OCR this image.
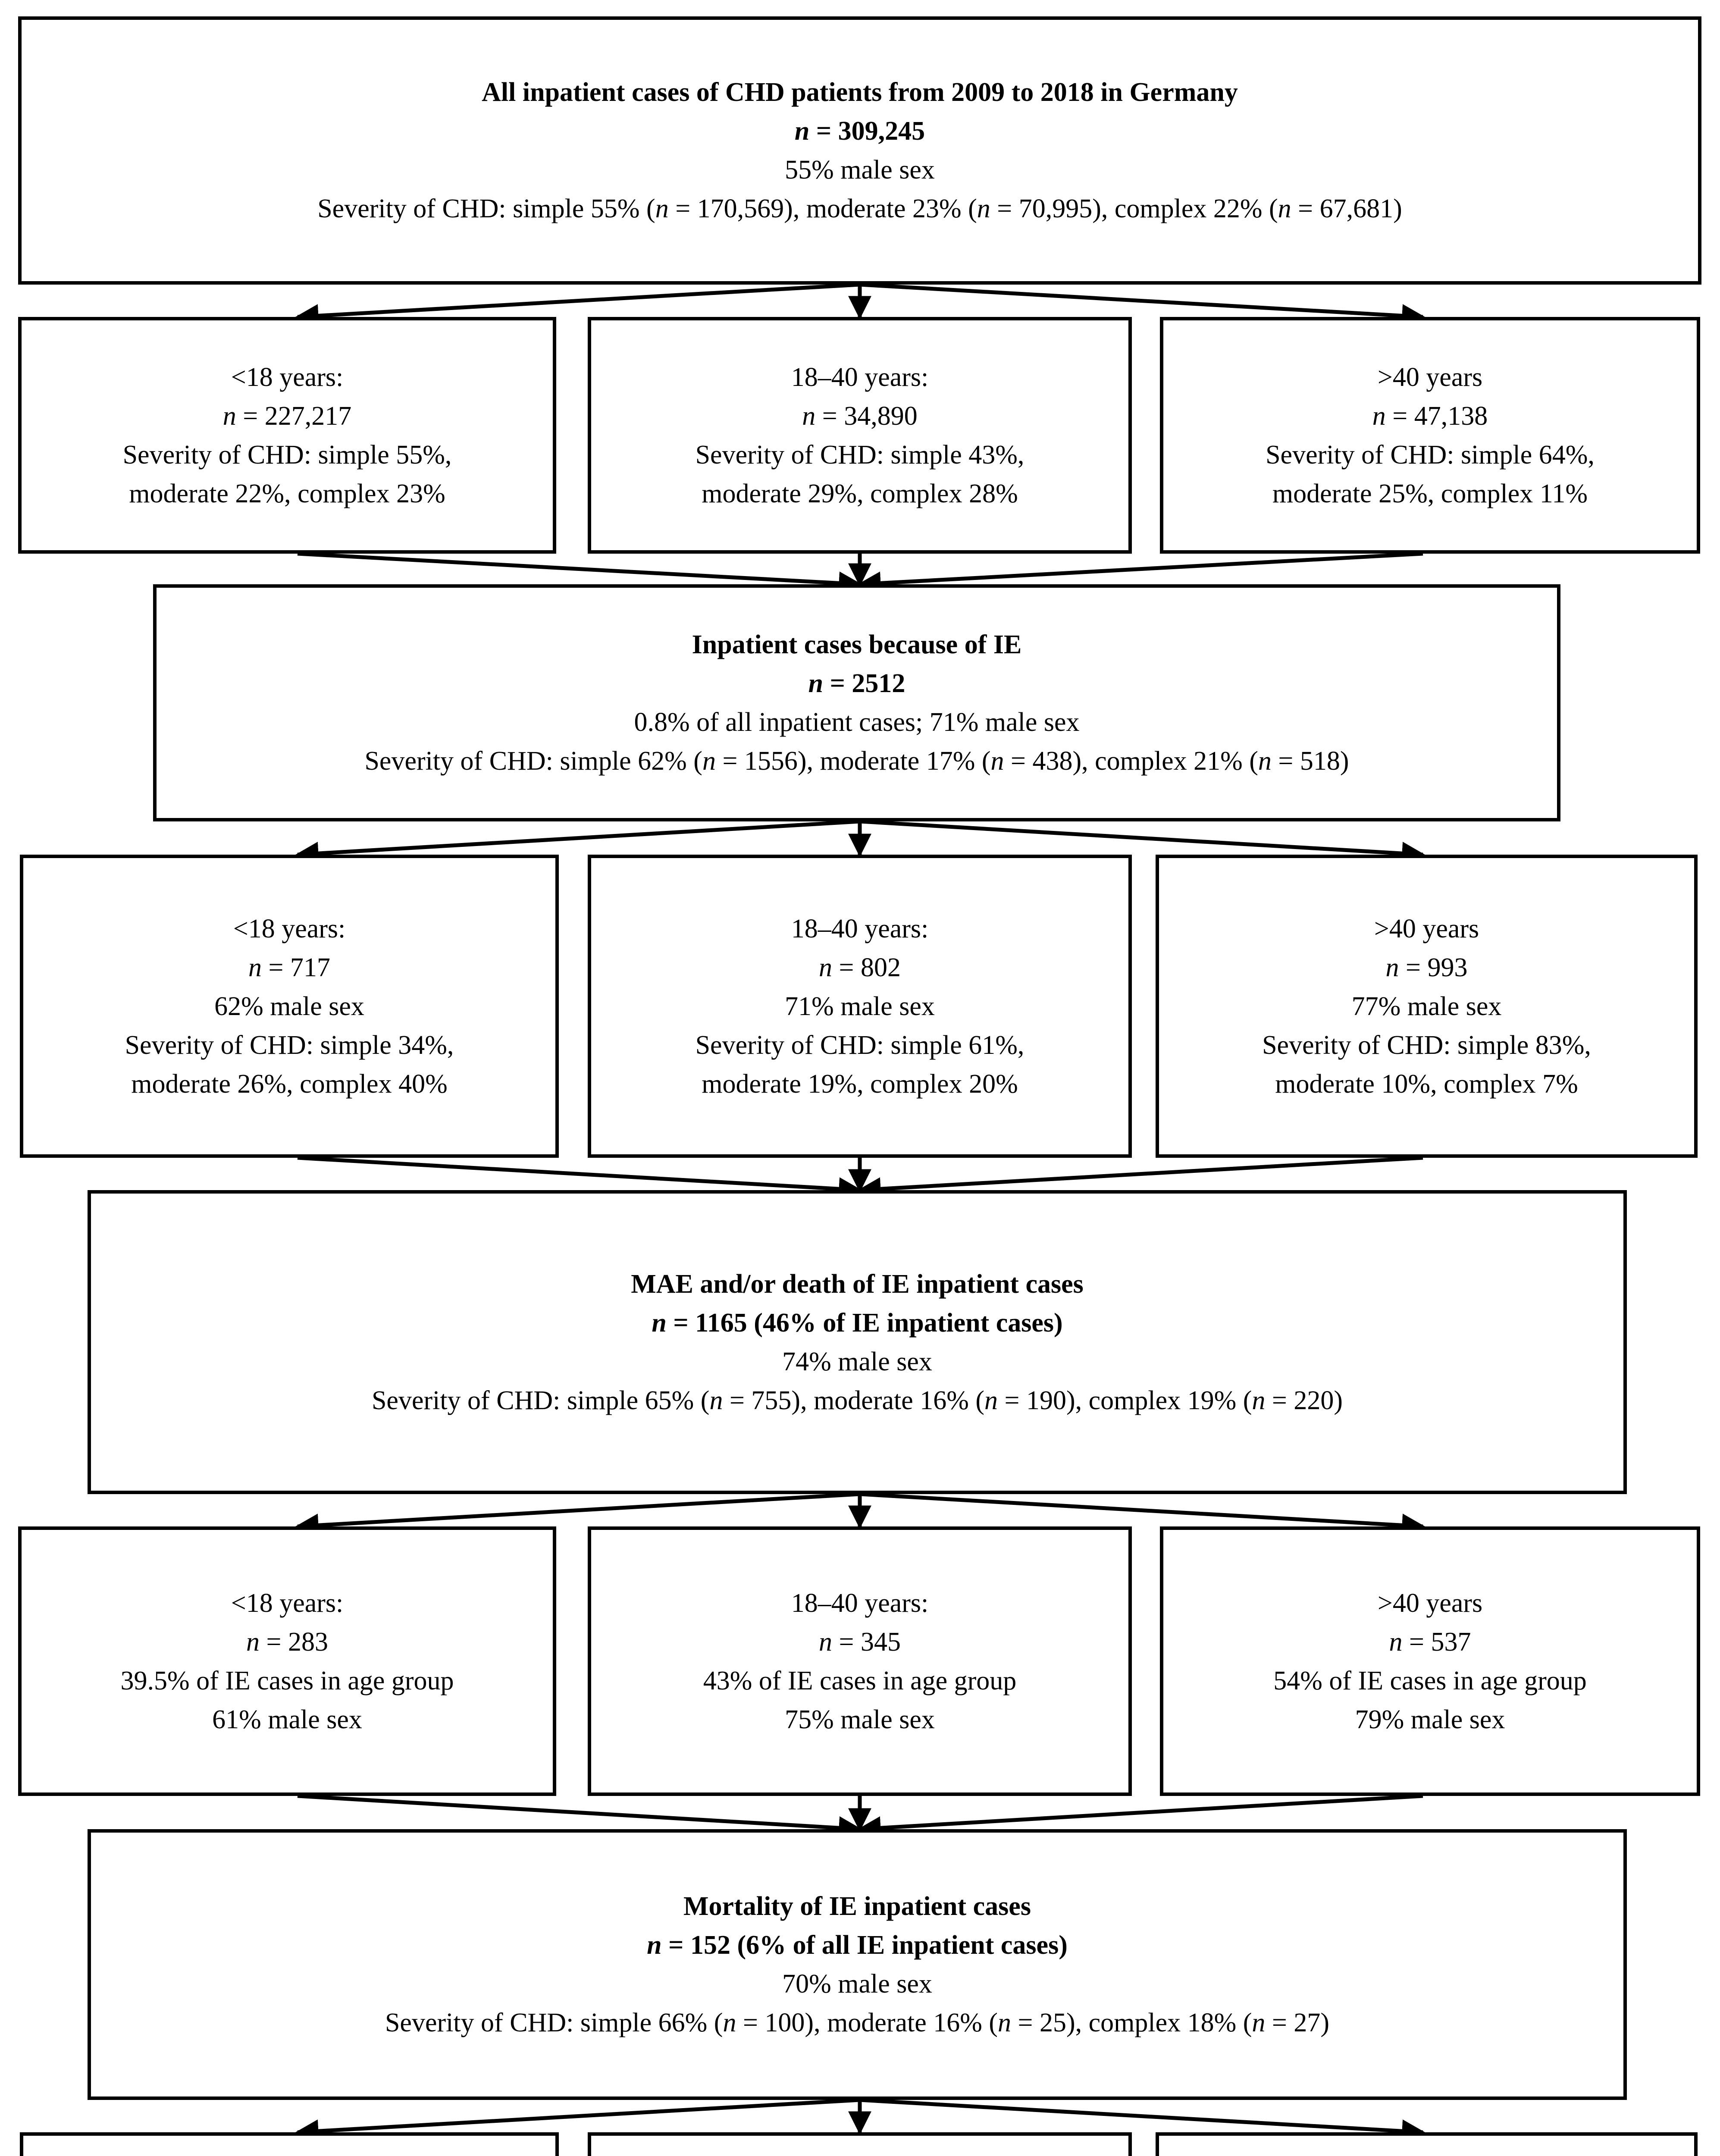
All inpatient cases of CHD patients from 2009 to 2018 in Germany
n = 309,245
55% male sex
Severity of CHD: simple 55% (n = 170,569), moderate 23% (n = 70,995), complex 22% (n = 67,681)
<18 years:
n = 227,217
Severity of CHD: simple 55%,
moderate 22%, complex 23%
18–40 years:
n = 34,890
Severity of CHD: simple 43%,
moderate 29%, complex 28%
>40 years
n = 47,138
Severity of CHD: simple 64%,
moderate 25%, complex 11%
Inpatient cases because of IE
n = 2512
0.8% of all inpatient cases; 71% male sex
Severity of CHD: simple 62% (n = 1556), moderate 17% (n = 438), complex 21% (n = 518)
<18 years:
n = 717
62% male sex
Severity of CHD: simple 34%,
moderate 26%, complex 40%
18–40 years:
n = 802
71% male sex
Severity of CHD: simple 61%,
moderate 19%, complex 20%
>40 years
n = 993
77% male sex
Severity of CHD: simple 83%,
moderate 10%, complex 7%
MAE and/or death of IE inpatient cases
n = 1165 (46% of IE inpatient cases)
74% male sex
Severity of CHD: simple 65% (n = 755), moderate 16% (n = 190), complex 19% (n = 220)
<18 years:
n = 283
39.5% of IE cases in age group
61% male sex
18–40 years:
n = 345
43% of IE cases in age group
75% male sex
>40 years
n = 537
54% of IE cases in age group
79% male sex
Mortality of IE inpatient cases
n = 152 (6% of all IE inpatient cases)
70% male sex
Severity of CHD: simple 66% (n = 100), moderate 16% (n = 25), complex 18% (n = 27)
